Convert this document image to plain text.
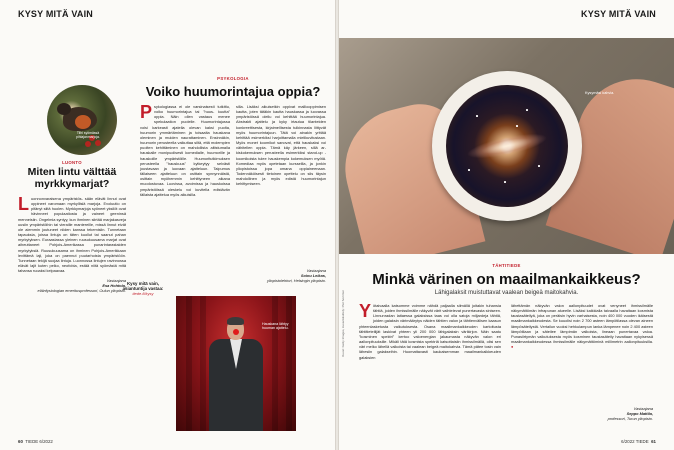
KYSY MITÄ VAIN
Tilhi syömässä pihlajanmarjoja.
LUONTO
Miten lintu välttää myrkkymarjat?
Luonnonvaraisena ympäristös- sään elävät linnut ovat oppineet varomaan myrkyllisiä marjoja. Evoluutio on pitänyt siitä huolen. Myrkkymarjoja syöneet yksilöt ovat hävinneet populaatiosta ja vaineet geeninsä menneisiin. Ongelmia syntyy, kun ihminen siirtää marjakasveja uusiin ympäristöihin tai vieraille mantereille, missä linnut eivät ole aiemmin joutuneet niiden kanssa tekemisiin. Tunnetaan tapauksia, joissa lintuja on täten kuollut tai saanut pahan myrkytyksen. Euraasiassa yleinen ruusukuusama marjat ovat aiheuttaneet Pohjois-Amerikassa punarintarastaiden myrkytyksiä. Ruusukuusama on ihminen Pohjois-Amerikkaan levittämä laji, joka on paennut puutarhoista ympäristöön. Tunnetaan tekijä suojaa lintuja. Luonnossa lintujen ravinnossa elävät lajit kuten pelko, neofobia, estää niitä syömästä mitä tahansa ruoaksi kelpaavaa.
Vastaajana
Esa Hohtola,
eläinfysiologian emeritusprofessori, Oulun yliopisto.
PSYKOLOGIA
Voiko huumorintajua oppia?
Psykologiassa ei ole varsinaisesti tutkittu, voiko huumorintajua tai "huus- kuutta" oppia. Näin ollen vastaus menee spekulaation puolelle. Huumorintajussa voisi karkeasti ajatella olevan kaksi puolta, huumorin ymmärtäminen ja toisaalta hauskana oleminen ja muiden naurattaminen. Ensinnäkin, huumorin perusteella vaikuttaa siltä, että molempien puolten kehittäminen on mahdollista altistumalla hauskalle monipuolisesti komedialle, huumorille ja hauskoille ympäristöille. Huumoritutkimuksen perusteella "hauskuus" kytkeytyy selvästi joustavaan ja luovaan ajatteluun. Taipumus tällaiseen ajatteluun on osittain synnynnäistä, osittain myöhemmin kehittyneen aikana muodostuvaa. Luovissa, avoimissa ja hauskoissa ympäristöissä oleskelu voi kuvitella edistävän tällaista ajattelua myös aikuisilla.
silla. Lisäksi aikuisetkin oppivat malliooppimisen kautta, joten tätäkin kautta hauskassa ja luovassa ympäristössä oleilu voi kehittää huumorintajua. Abstrakti ajattelu ja kyky irtautua tilanteiden konkreettisesta, kirjaimellisesta tulkinnasta liittyvät myös huumorintajuun. Tätä voi ainakin yrittää kehittää esimerkiksi harjoittamalla mielikuvitustaan. Myös monet koomikot sanovat, että hauskaksi voi vähitellen oppia. Tämä käy järkeen, sillä ar- kiskokemuksen perusteella esimerkiksi stand-up -koomikoista tulee hauskempia kokemuksen myötä. Komediaa myös opetetaan kursseilla, ja jonkin yliopistoissa jopa omana oppiaineenaan. Todennäköisesti tietoinen opettelu on siis täysin mahdollinen ja myös edistä huumorintajun kehittymiseen.
Vastaajana
Soinu Leikas,
yliopistolehtori, Helsingin yliopisto.
Kysy mitä vain, asiantuntija vastaa:
tiede.fi/kysy
Hauskana lähtyy huuman ajattelu.
60 TIEDE 6/2022
KYSY MITÄ VAIN
Kysymäsi kahvia.
Kuvat: Getty Images, kuvankäsittely: Piet Sommer
TÄHTITIEDE
Minkä värinen on maailmankaikkeus?
Lähigalaksit muistuttavat vaalean beigeä maitokahvia.
Yötaivaalla katsomme voimme nähdä paljaalla silmällä joitakin tuhansia tähtiä, joiden ihmissilmälle näkyvät värit vaihtelevat punertavasta siniseen. Linnunradan laitaessa galaksissa taas voi olla satoja miljardeja tähtiä, joiden galaksin värimäärytys näiden tähtien valon ja tähtienvälisen kaasun yhteenlasketusta vaikutuksesta. Osana maailmankaikkeuden kartoitusta tähtitieteilijät laskivat yhteen yli 200 000 lähigalaksin värikirjon. Näin saatu "kosminen spektri" kertoo valoenergian jakaumasta näkyvän valon eri aallonpituuksille. Mikäli tätä kosmista spektriä katsottaisiin ihmissilmällä, olisi sen väri melko lähellä valkoista tai vaalean beigeä maitokahvia. Tämä pätee tosin vain lähesiin galakseihin. Huomattavasti kaukaisemman maailmankaikkeuden galaksien
lähettämän näkyvän valon aallonpituudet ovat venyneet ihmissilmälle näkymättömän infrapunan alueelle. Lisäksi kaikkialla taivaalla havaitaan kosmista taustasäteilyä, joka on peräisin hyvin varhaisesta, noin 400 000 vuoden ikäisestä maailmankaikkeudesta. Se kuuolisi noin 2 700 asteen lämpötilassa olevan aineen lämpösäteilystä. Vertailun vuoksi hehkulampun lanka lämpenee noin 2 400 asteen lämpötilaan ja säteilee lämpimän valkoista, lineaan punertavaa valoa. Punasiirtymän vaikutuksesta myös kosminen taustasäteily havaitaan nykyisessä maailmankaikkeudessa ihmissilmälle näkymättöminä millimetrin aallonpituuksilla. ●
Vastaajana
Seppo Mattila,
professori, Turun yliopisto.
6/2022 TIEDE 61
